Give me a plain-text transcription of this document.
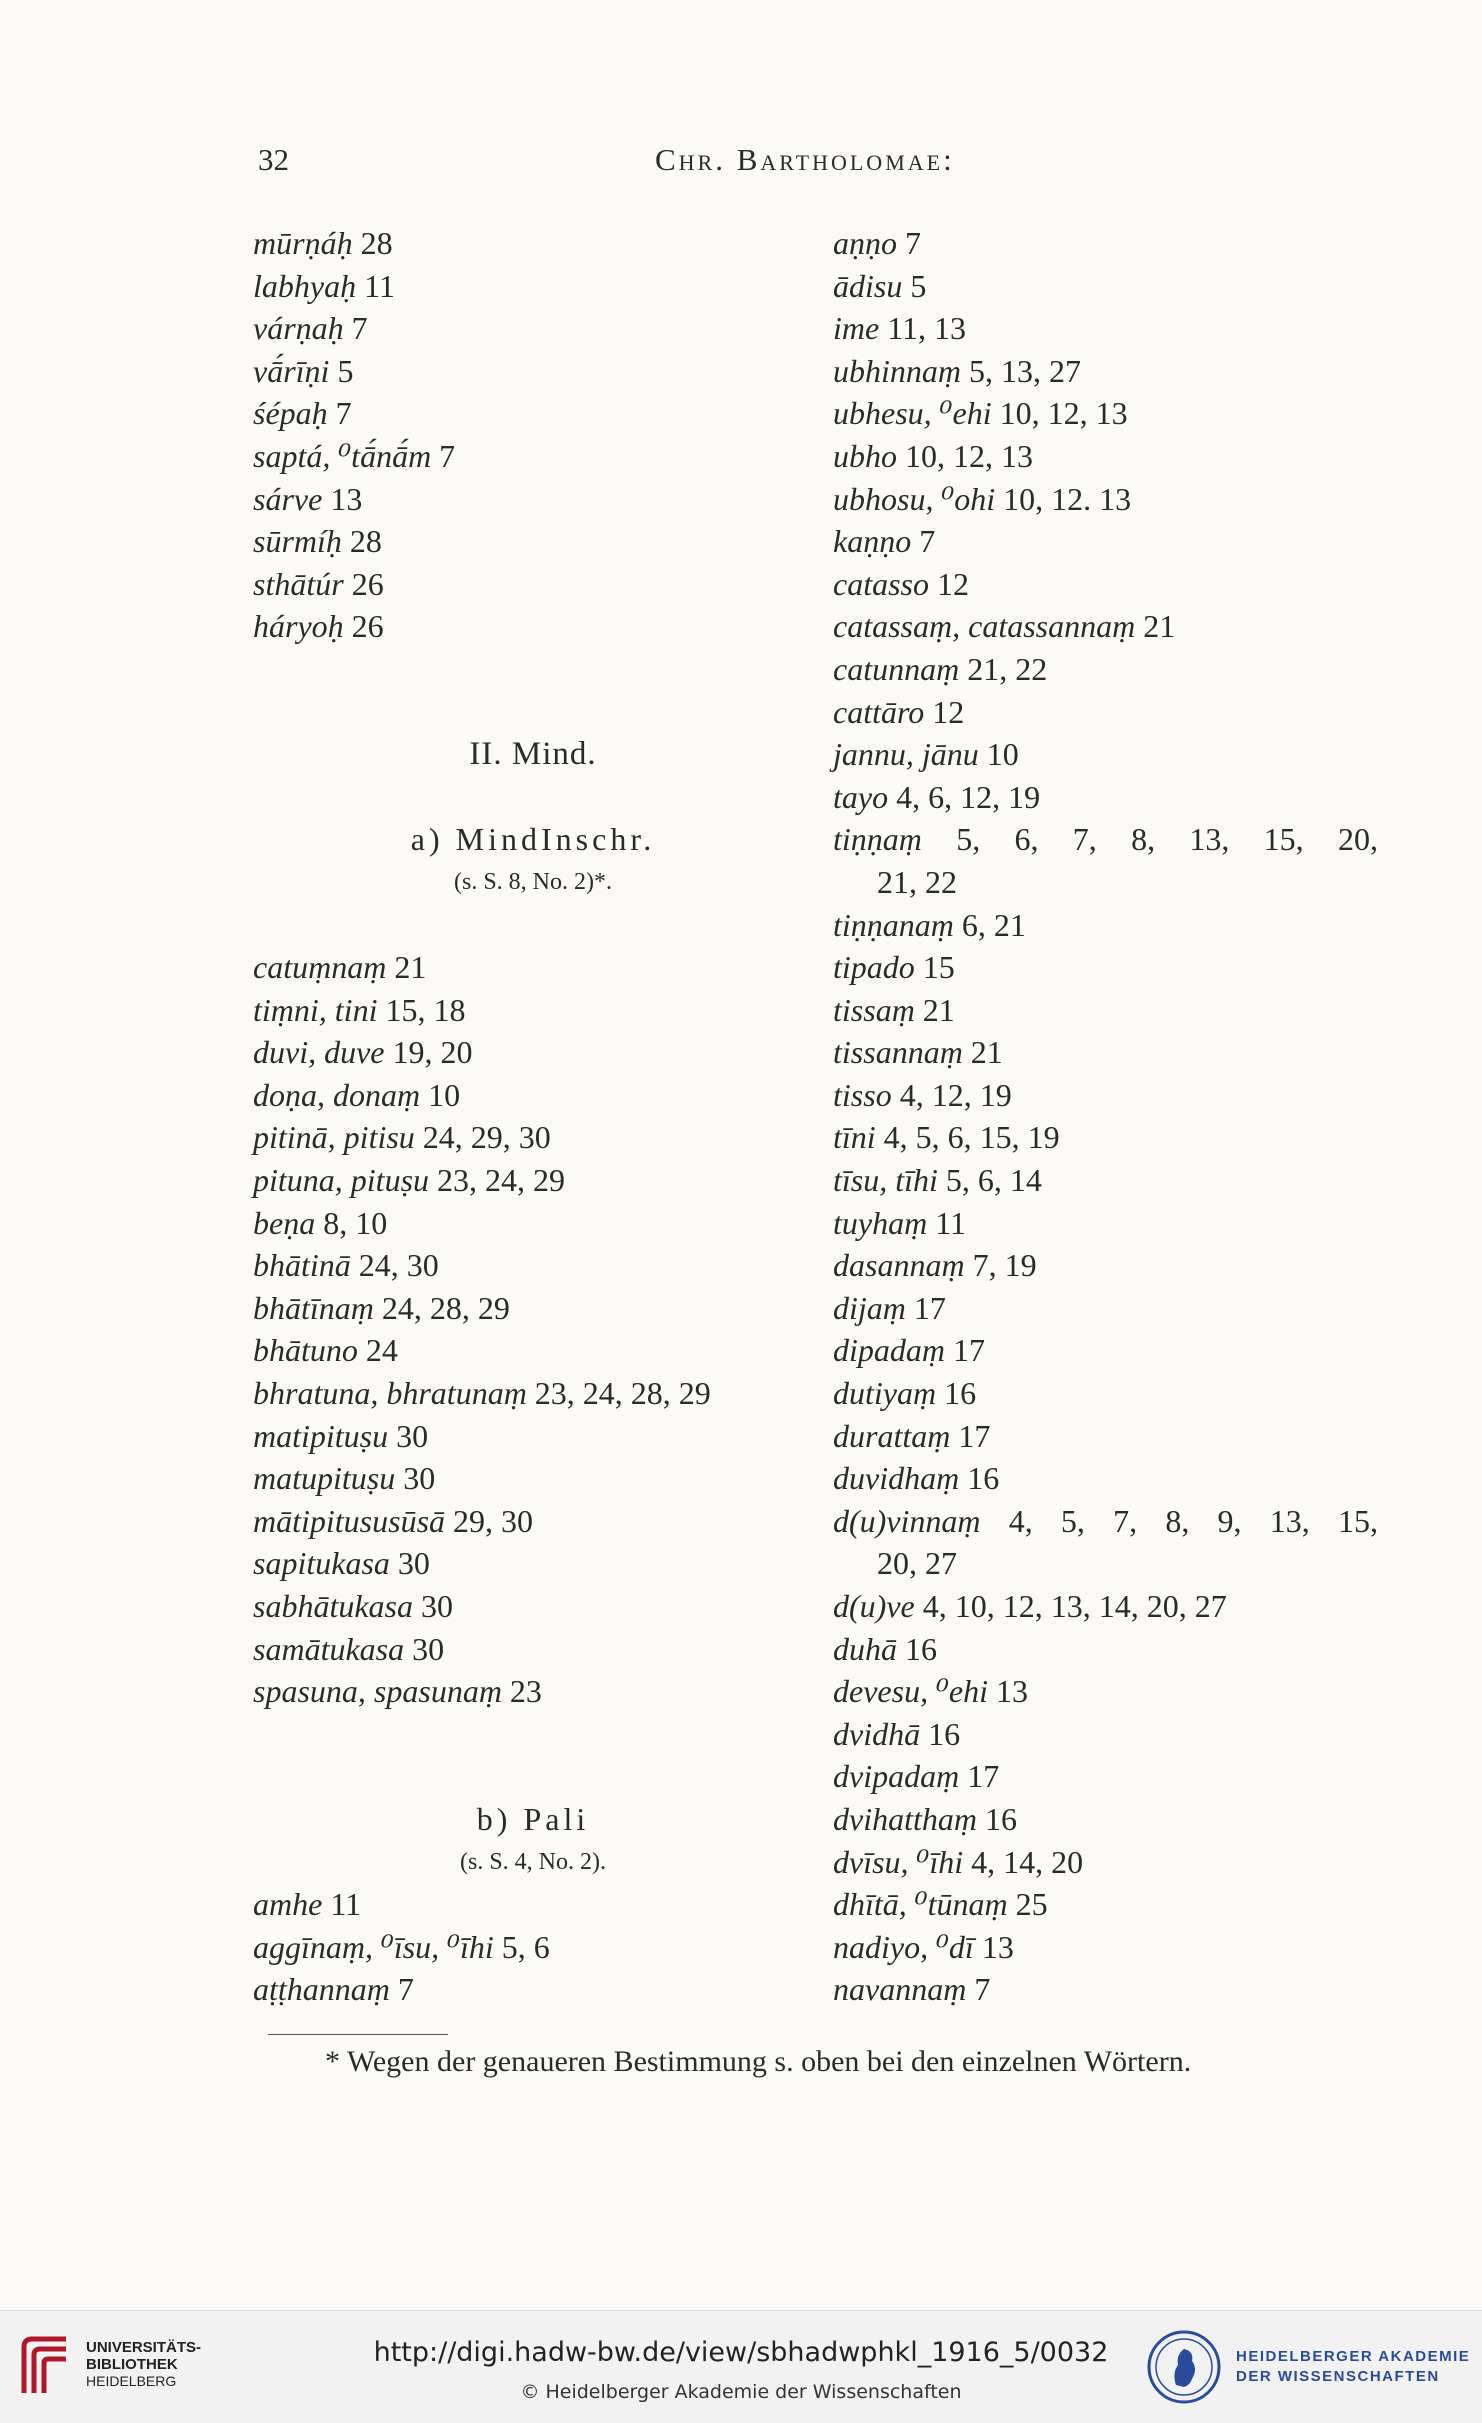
32	Chr. Bartholomae:
mūrṇáḥ 28
labhyaḥ 11
várṇaḥ 7
vā́rīṇi 5
śépaḥ 7
saptá, ⁰tā́nā́m 7
sárve 13
sūrmíḥ 28
sthātúr 26
háryoḥ 26
II. Mind.
a) MindInschr.
(s. S. 8, No. 2)*.
catuṃnaṃ 21
tiṃni, tini 15, 18
duvi, duve 19, 20
doṇa, donaṃ 10
pitinā, pitisu 24, 29, 30
pituna, pituṣu 23, 24, 29
beṇa 8, 10
bhātinā 24, 30
bhātīnaṃ 24, 28, 29
bhātuno 24
bhratuna, bhratunaṃ 23, 24, 28, 29
matipituṣu 30
matupituṣu 30
mātipitususūsā 29, 30
sapitukasa 30
sabhātukasa 30
samātukasa 30
spasuna, spasunaṃ 23
b) Pali
(s. S. 4, No. 2).
amhe 11
aggīnaṃ, ⁰īsu, ⁰īhi 5, 6
aṭṭhannaṃ 7
aṇṇo 7
ādisu 5
ime 11, 13
ubhinnaṃ 5, 13, 27
ubhesu, ⁰ehi 10, 12, 13
ubho 10, 12, 13
ubhosu, ⁰ohi 10, 12. 13
kaṇṇo 7
catasso 12
catassaṃ, catassannaṃ 21
catunnaṃ 21, 22
cattāro 12
jannu, jānu 10
tayo 4, 6, 12, 19
tiṇṇaṃ 5, 6, 7, 8, 13, 15, 20,
21, 22
tiṇṇanaṃ 6, 21
tipado 15
tissaṃ 21
tissannaṃ 21
tisso 4, 12, 19
tīni 4, 5, 6, 15, 19
tīsu, tīhi 5, 6, 14
tuyhaṃ 11
dasannaṃ 7, 19
dijaṃ 17
dipadaṃ 17
dutiyaṃ 16
durattaṃ 17
duvidhaṃ 16
d(u)vinnaṃ 4, 5, 7, 8, 9, 13, 15,
20, 27
d(u)ve 4, 10, 12, 13, 14, 20, 27
duhā 16
devesu, ⁰ehi 13
dvidhā 16
dvipadaṃ 17
dvihatthaṃ 16
dvīsu, ⁰īhi 4, 14, 20
dhītā, ⁰tūnaṃ 25
nadiyo, ⁰dī 13
navannaṃ 7
* Wegen der genaueren Bestimmung s. oben bei den einzelnen Wörtern.
UNIVERSITÄTS-
BIBLIOTHEK
HEIDELBERG
http://digi.hadw-bw.de/view/sbhadwphkl_1916_5/0032
© Heidelberger Akademie der Wissenschaften
HEIDELBERGER AKADEMIE
DER WISSENSCHAFTEN
